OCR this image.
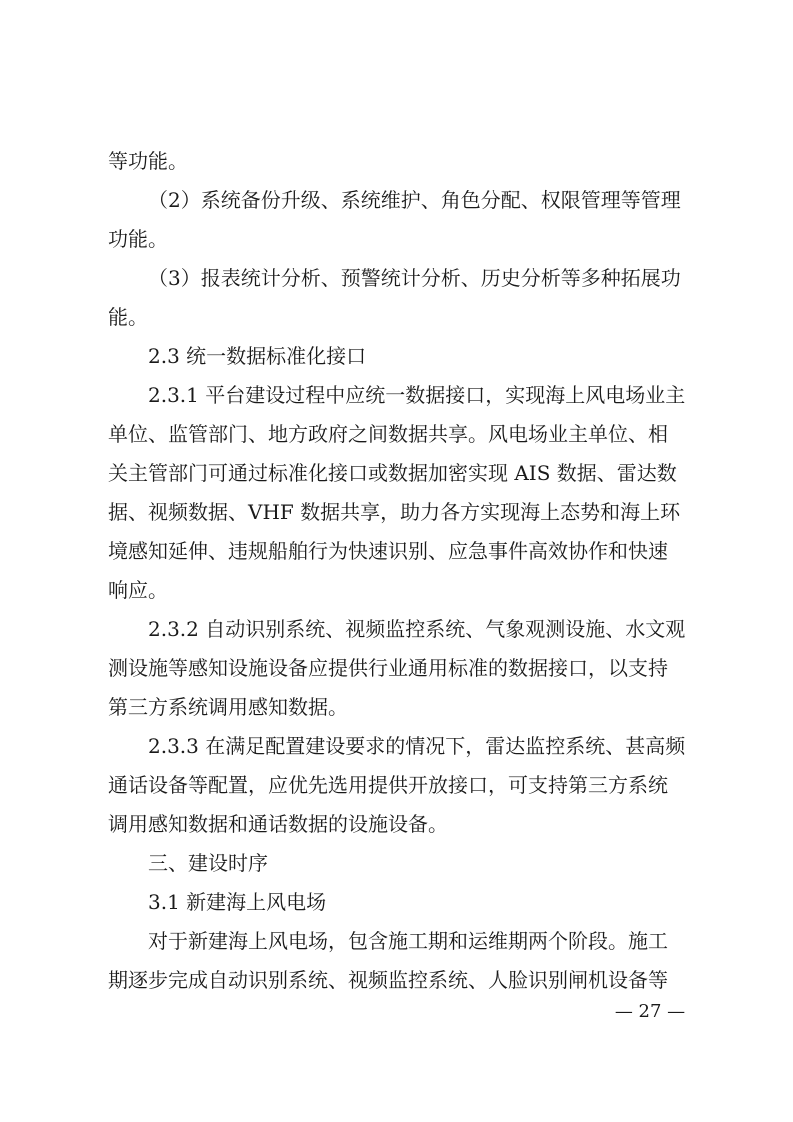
等功能。
（2）系统备份升级、系统维护、角色分配、权限管理等管理
功能。
（3）报表统计分析、预警统计分析、历史分析等多种拓展功
能。
2.3 统一数据标准化接口
2.3.1 平台建设过程中应统一数据接口，实现海上风电场业主
单位、监管部门、地方政府之间数据共享。风电场业主单位、相
关主管部门可通过标准化接口或数据加密实现 AIS 数据、雷达数
据、视频数据、VHF 数据共享，助力各方实现海上态势和海上环
境感知延伸、违规船舶行为快速识别、应急事件高效协作和快速
响应。
2.3.2 自动识别系统、视频监控系统、气象观测设施、水文观
测设施等感知设施设备应提供行业通用标准的数据接口，以支持
第三方系统调用感知数据。
2.3.3 在满足配置建设要求的情况下，雷达监控系统、甚高频
通话设备等配置，应优先选用提供开放接口，可支持第三方系统
调用感知数据和通话数据的设施设备。
三、建设时序
3.1 新建海上风电场
对于新建海上风电场，包含施工期和运维期两个阶段。施工
期逐步完成自动识别系统、视频监控系统、人脸识别闸机设备等
— 27 —
